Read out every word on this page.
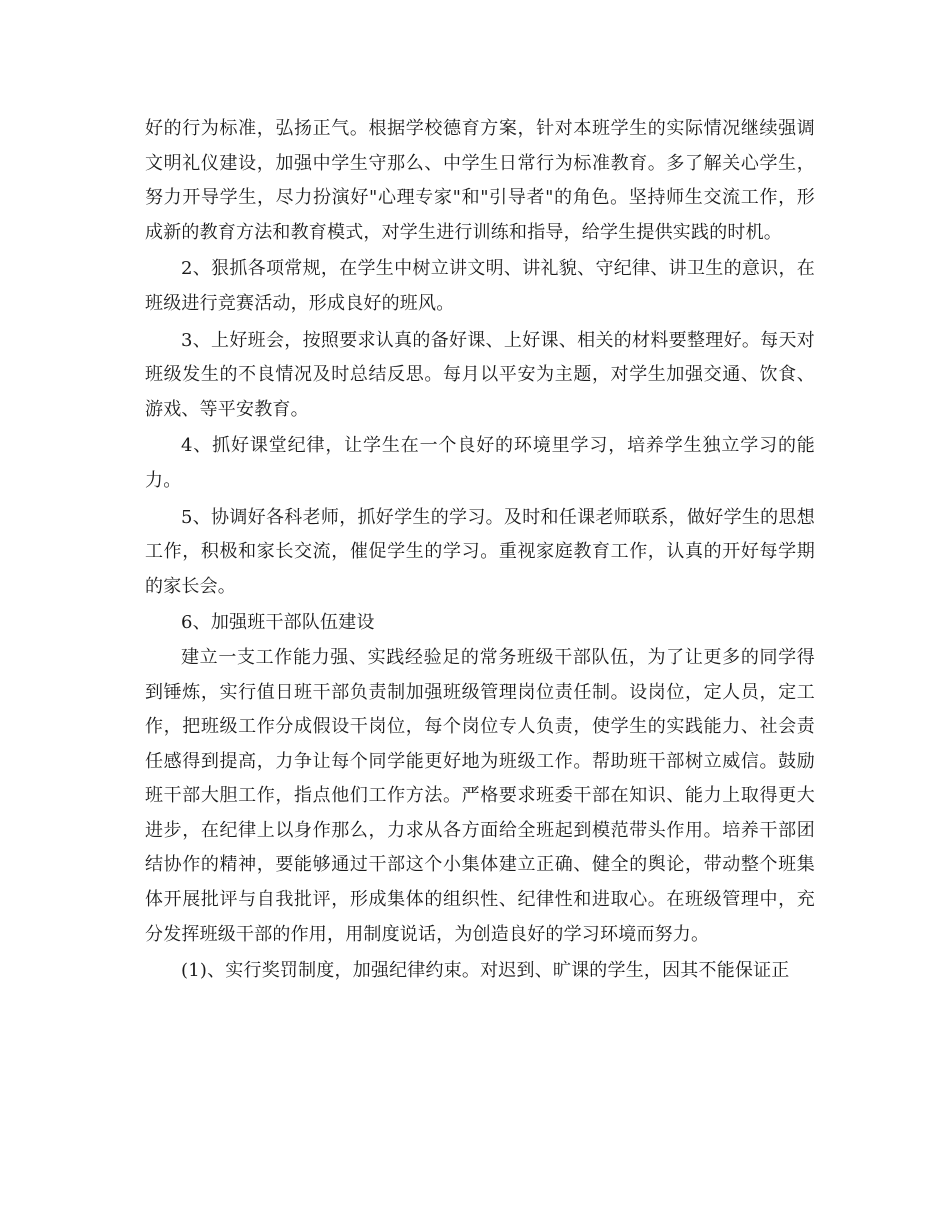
好的行为标准，弘扬正气。根据学校德育方案，针对本班学生的实际情况继续强调文明礼仪建设，加强中学生守那么、中学生日常行为标准教育。多了解关心学生，努力开导学生，尽力扮演好"心理专家"和"引导者"的角色。坚持师生交流工作，形成新的教育方法和教育模式，对学生进行训练和指导，给学生提供实践的时机。

2、狠抓各项常规，在学生中树立讲文明、讲礼貌、守纪律、讲卫生的意识，在班级进行竞赛活动，形成良好的班风。

3、上好班会，按照要求认真的备好课、上好课、相关的材料要整理好。每天对班级发生的不良情况及时总结反思。每月以平安为主题，对学生加强交通、饮食、游戏、等平安教育。

4、抓好课堂纪律，让学生在一个良好的环境里学习，培养学生独立学习的能力。

5、协调好各科老师，抓好学生的学习。及时和任课老师联系，做好学生的思想工作，积极和家长交流，催促学生的学习。重视家庭教育工作，认真的开好每学期的家长会。

6、加强班干部队伍建设

建立一支工作能力强、实践经验足的常务班级干部队伍，为了让更多的同学得到锤炼，实行值日班干部负责制加强班级管理岗位责任制。设岗位，定人员，定工作，把班级工作分成假设干岗位，每个岗位专人负责，使学生的实践能力、社会责任感得到提高，力争让每个同学能更好地为班级工作。帮助班干部树立威信。鼓励班干部大胆工作，指点他们工作方法。严格要求班委干部在知识、能力上取得更大进步，在纪律上以身作那么，力求从各方面给全班起到模范带头作用。培养干部团结协作的精神，要能够通过干部这个小集体建立正确、健全的舆论，带动整个班集体开展批评与自我批评，形成集体的组织性、纪律性和进取心。在班级管理中，充分发挥班级干部的作用，用制度说话，为创造良好的学习环境而努力。

(1)、实行奖罚制度，加强纪律约束。对迟到、旷课的学生，因其不能保证正
